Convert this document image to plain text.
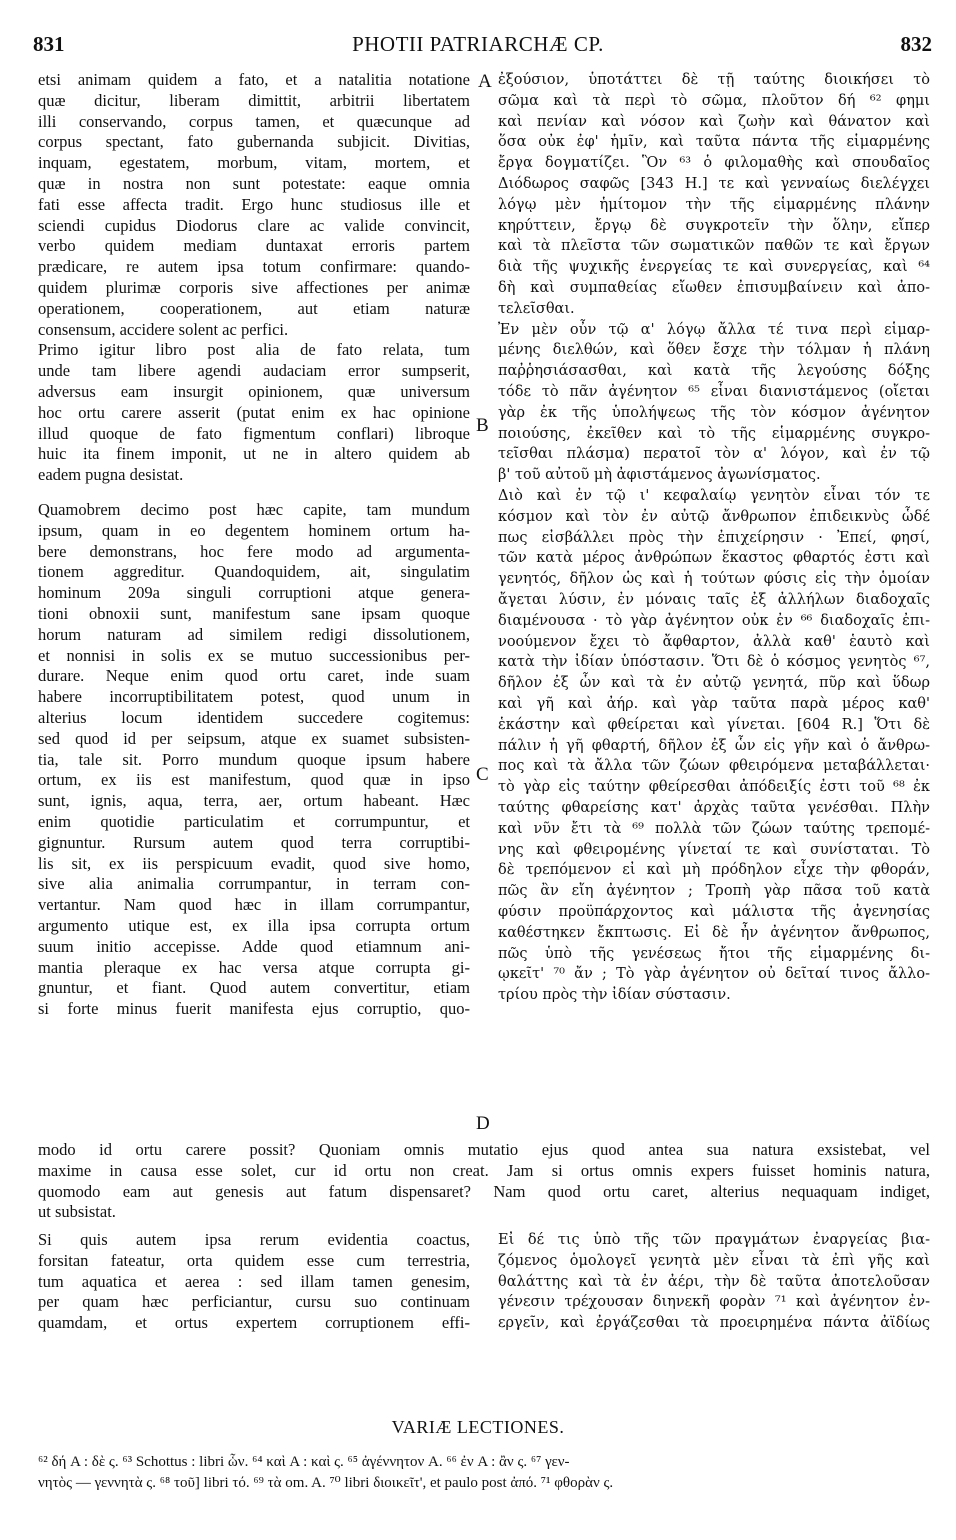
831	PHOTII PATRIARCHÆ CP.	832
etsi animam quidem a fato, et a natalitia notatione
quæ dicitur, liberam dimittit, arbitrii libertatem
illi conservando, corpus tamen, et quæcunque ad
corpus spectant, fato gubernanda subjicit. Divitias,
inquam, egestatem, morbum, vitam, mortem, et
quæ in nostra non sunt potestate: eaque omnia
fati esse affecta tradit. Ergo hunc studiosus ille et
sciendi cupidus Diodorus clare ac valide convincit,
verbo quidem mediam duntaxat erroris partem
prædicare, re autem ipsa totum confirmare: quando-
quidem plurimæ corporis sive affectiones per animæ
operationem, cooperationem, aut etiam naturæ
consensum, accidere solent ac perfici.
Primo igitur libro post alia de fato relata, tum
unde tam libere agendi audaciam error sumpserit,
adversus eam insurgit opinionem, quæ universum
hoc ortu carere asserit (putat enim ex hac opinione
illud quoque de fato figmentum conflari) libroque
huic ita finem imponit, ut ne in altero quidem ab
eadem pugna desistat.
Quamobrem decimo post hæc capite, tam mundum
ipsum, quam in eo degentem hominem ortum ha-
bere demonstrans, hoc fere modo ad argumenta-
tionem aggreditur. Quandoquidem, ait, singulatim
hominum 209a singuli corruptioni atque genera-
tioni obnoxii sunt, manifestum sane ipsam quoque
horum naturam ad similem redigi dissolutionem,
et nonnisi in solis ex se mutuo successionibus per-
durare. Neque enim quod ortu caret, inde suam
habere incorruptibilitatem potest, quod unum in
alterius locum identidem succedere cogitemus:
sed quod id per seipsum, atque ex suamet subsisten-
tia, tale sit. Porro mundum quoque ipsum habere
ortum, ex iis est manifestum, quod quæ in ipso
sunt, ignis, aqua, terra, aer, ortum habeant. Hæc
enim quotidie particulatim et corrumpuntur, et
gignuntur. Rursum autem quod terra corruptibi-
lis sit, ex iis perspicuum evadit, quod sive homo,
sive alia animalia corrumpantur, in terram con-
vertantur. Nam quod hæc in illam corrumpantur,
argumento utique est, ex illa ipsa corrupta ortum
suum initio accepisse. Adde quod etiamnum ani-
mantia pleraque ex hac versa atque corrupta gi-
gnuntur, et fiant. Quod autem convertitur, etiam
si forte minus fuerit manifesta ejus corruptio, quo-
ἐξούσιον, ὑποτάττει δὲ τῇ ταύτης διοικήσει τὸ
σῶμα καὶ τὰ περὶ τὸ σῶμα, πλοῦτον δή ⁶² φημι
καὶ πενίαν καὶ νόσον καὶ ζωὴν καὶ θάνατον καὶ
ὅσα οὐκ ἐφ' ἡμῖν, καὶ ταῦτα πάντα τῆς εἱμαρμένης
ἔργα δογματίζει. Ὃν ⁶³ ὁ φιλομαθὴς καὶ σπουδαῖος
Διόδωρος σαφῶς [343 H.] τε καὶ γενναίως διελέγχει
λόγῳ μὲν ἡμίτομον τὴν τῆς εἱμαρμένης πλάνην
κηρύττειν, ἔργῳ δὲ συγκροτεῖν τὴν ὅλην, εἴπερ
καὶ τὰ πλεῖστα τῶν σωματικῶν παθῶν τε καὶ ἔργων
διὰ τῆς ψυχικῆς ἐνεργείας τε καὶ συνεργείας, καὶ ⁶⁴
δὴ καὶ συμπαθείας εἴωθεν ἐπισυμβαίνειν καὶ ἀπο-
τελεῖσθαι.
Ἐν μὲν οὖν τῷ α' λόγῳ ἄλλα τέ τινα περὶ εἱμαρ-
μένης διελθών, καὶ ὅθεν ἔσχε τὴν τόλμαν ἡ πλάνη
παῤῥησιάσασθαι, καὶ κατὰ τῆς λεγούσης δόξης
τόδε τὸ πᾶν ἀγένητον ⁶⁵ εἶναι διανιστάμενος (οἴεται
γὰρ ἐκ τῆς ὑπολήψεως τῆς τὸν κόσμον ἀγένητον
ποιούσης, ἐκεῖθεν καὶ τὸ τῆς εἱμαρμένης συγκρο-
τεῖσθαι πλάσμα) περατοῖ τὸν α' λόγον, καὶ ἐν τῷ
β' τοῦ αὐτοῦ μὴ ἀφιστάμενος ἀγωνίσματος.
Διὸ καὶ ἐν τῷ ι' κεφαλαίῳ γενητὸν εἶναι τόν τε
κόσμον καὶ τὸν ἐν αὐτῷ ἄνθρωπον ἐπιδεικνὺς ὧδέ
πως εἰσβάλλει πρὸς τὴν ἐπιχείρησιν · Ἐπεί, φησί,
τῶν κατὰ μέρος ἀνθρώπων ἕκαστος φθαρτός ἐστι καὶ
γενητός, δῆλον ὡς καὶ ἡ τούτων φύσις εἰς τὴν ὁμοίαν
ἄγεται λύσιν, ἐν μόναις ταῖς ἐξ ἀλλήλων διαδοχαῖς
διαμένουσα · τὸ γὰρ ἀγένητον οὐκ ἐν ⁶⁶ διαδοχαῖς ἐπι-
νοούμενον ἔχει τὸ ἄφθαρτον, ἀλλὰ καθ' ἑαυτὸ καὶ
κατὰ τὴν ἰδίαν ὑπόστασιν. Ὅτι δὲ ὁ κόσμος γενητὸς ⁶⁷,
δῆλον ἐξ ὧν καὶ τὰ ἐν αὐτῷ γενητά, πῦρ καὶ ὕδωρ
καὶ γῆ καὶ ἀήρ. καὶ γὰρ ταῦτα παρὰ μέρος καθ'
ἑκάστην καὶ φθείρεται καὶ γίνεται. [604 R.] Ὅτι δὲ
πάλιν ἡ γῆ φθαρτή, δῆλον ἐξ ὧν εἰς γῆν καὶ ὁ ἄνθρω-
πος καὶ τὰ ἄλλα τῶν ζώων φθειρόμενα μεταβάλλεται·
τὸ γὰρ εἰς ταύτην φθείρεσθαι ἀπόδειξίς ἐστι τοῦ ⁶⁸ ἐκ
ταύτης φθαρείσης κατ' ἀρχὰς ταῦτα γενέσθαι. Πλὴν
καὶ νῦν ἔτι τὰ ⁶⁹ πολλὰ τῶν ζώων ταύτης τρεπομέ-
νης καὶ φθειρομένης γίνεταί τε καὶ συνίσταται. Τὸ
δὲ τρεπόμενον εἰ καὶ μὴ πρόδηλον εἶχε τὴν φθοράν,
πῶς ἂν εἴη ἀγένητον ; Τροπὴ γὰρ πᾶσα τοῦ κατὰ
φύσιν προϋπάρχοντος καὶ μάλιστα τῆς ἀγενησίας
καθέστηκεν ἔκπτωσις. Εἰ δὲ ἦν ἀγένητον ἄνθρωπος,
πῶς ὑπὸ τῆς γενέσεως ἤτοι τῆς εἱμαρμένης δι-
ῳκεῖτ' ⁷⁰ ἄν ; Τὸ γὰρ ἀγένητον οὐ δεῖταί τινος ἄλλο-
τρίου πρὸς τὴν ἰδίαν σύστασιν.
modo id ortu carere possit? Quoniam omnis mutatio ejus quod antea sua natura exsistebat, vel
maxime in causa esse solet, cur id ortu non creat. Jam si ortus omnis expers fuisset hominis natura,
quomodo eam aut genesis aut fatum dispensaret? Nam quod ortu caret, alterius nequaquam indiget,
ut subsistat.
Si quis autem ipsa rerum evidentia coactus,
forsitan fateatur, orta quidem esse cum terrestria,
tum aquatica et aerea : sed illam tamen genesim,
per quam hæc perficiantur, cursu suo continuam
quamdam, et ortus expertem corruptionem effi-
Εἰ δέ τις ὑπὸ τῆς τῶν πραγμάτων ἐναργείας βια-
ζόμενος ὁμολογεῖ γενητὰ μὲν εἶναι τὰ ἐπὶ γῆς καὶ
θαλάττης καὶ τὰ ἐν ἀέρι, τὴν δὲ ταῦτα ἀποτελοῦσαν
γένεσιν τρέχουσαν διηνεκῆ φορὰν ⁷¹ καὶ ἀγένητον ἐν-
εργεῖν, καὶ ἐργάζεσθαι τὰ προειρημένα πάντα ἀϊδίως
A
B
C
D
VARIÆ LECTIONES.
⁶² δή A : δὲ ς. ⁶³ Schottus : libri ὧν. ⁶⁴ καὶ A : καὶ ς. ⁶⁵ ἀγέννητον A. ⁶⁶ ἐν A : ἂν ς. ⁶⁷ γεν-
νητὸς — γεννητὰ ς. ⁶⁸ τοῦ] libri τό. ⁶⁹ τὰ om. A. ⁷⁰ libri διοικεῖτ', et paulo post ἀπό. ⁷¹ φθορὰν ς.
